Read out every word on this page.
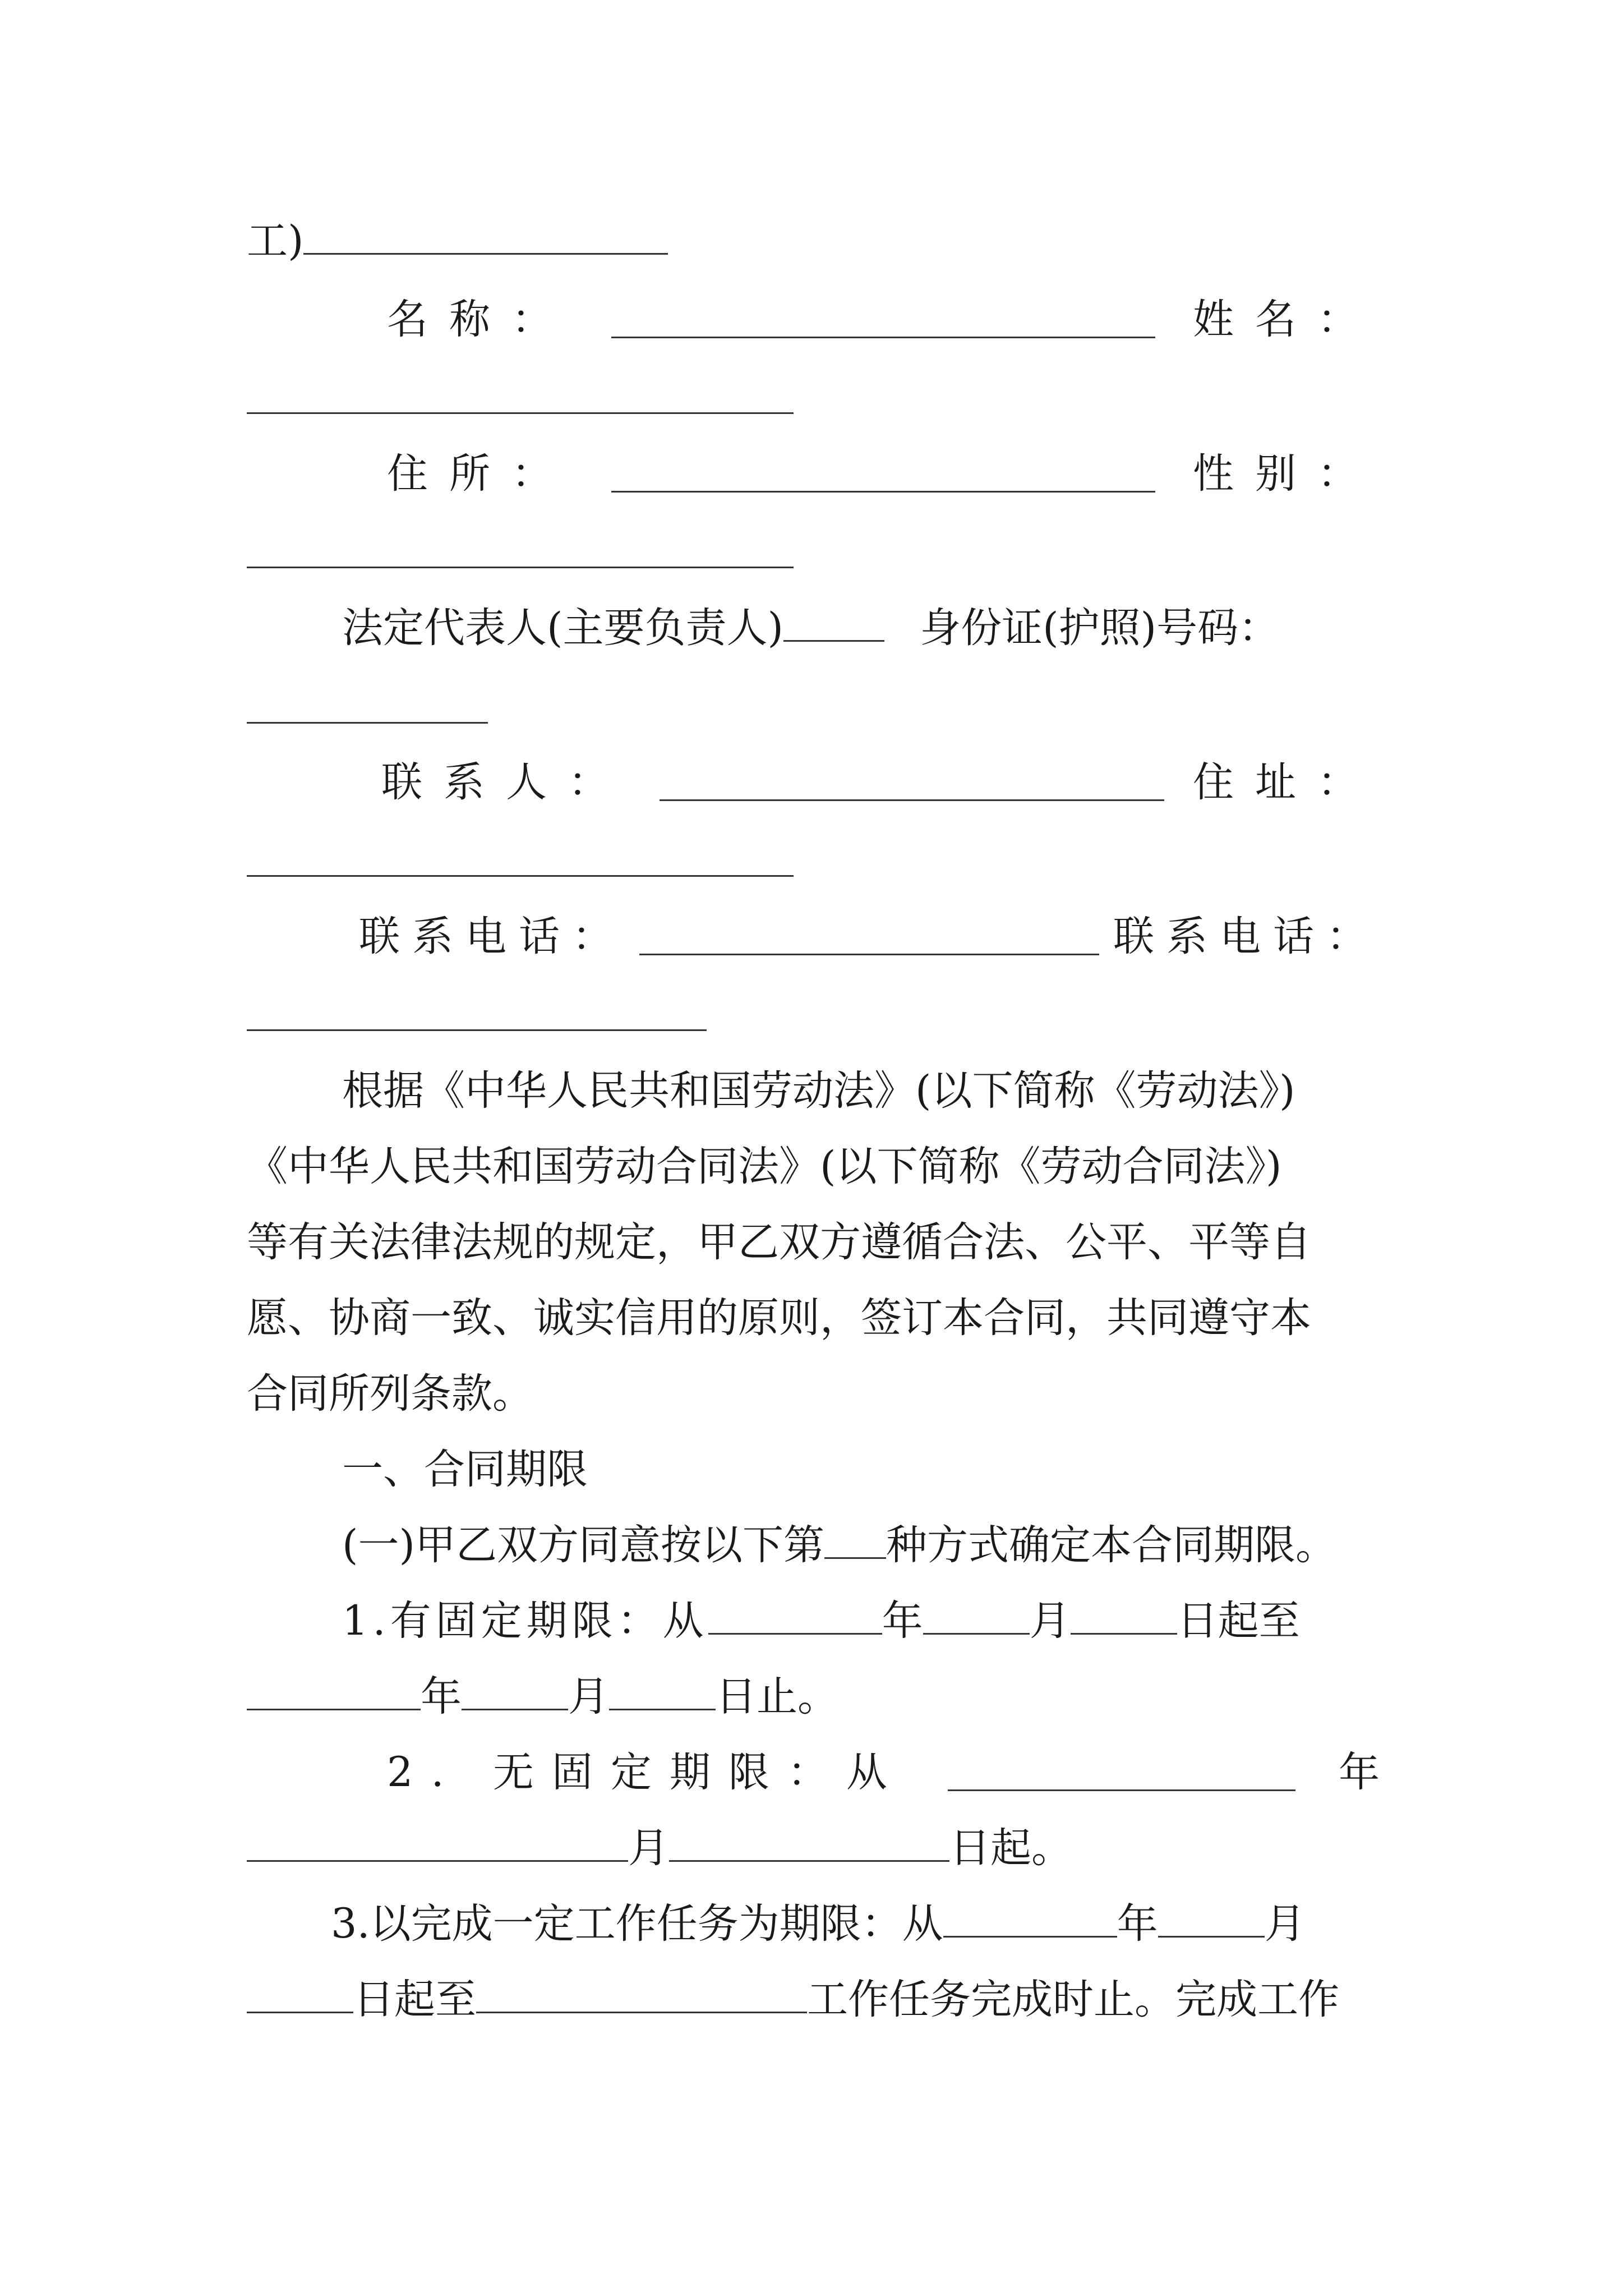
工)
名称：	姓名：
住所：	性别：
法定代表人(主要负责人)	身份证(护照)号码：
联系人：	住址：
联系电话：	联系电话：
根据《中华人民共和国劳动法》(以下简称《劳动法》)
《中华人民共和国劳动合同法》(以下简称《劳动合同法》)
等有关法律法规的规定，甲乙双方遵循合法、公平、平等自
愿、协商一致、诚实信用的原则，签订本合同，共同遵守本
合同所列条款。
一、合同期限
(一)甲乙双方同意按以下第 种方式确定本合同期限。
1.有固定期限：从	年	月	日起至
年	月	日止。
2. 无固定期限：从	年
月	日起。
3.以完成一定工作任务为期限：从	年	月
日起至	工作任务完成时止。完成工作
